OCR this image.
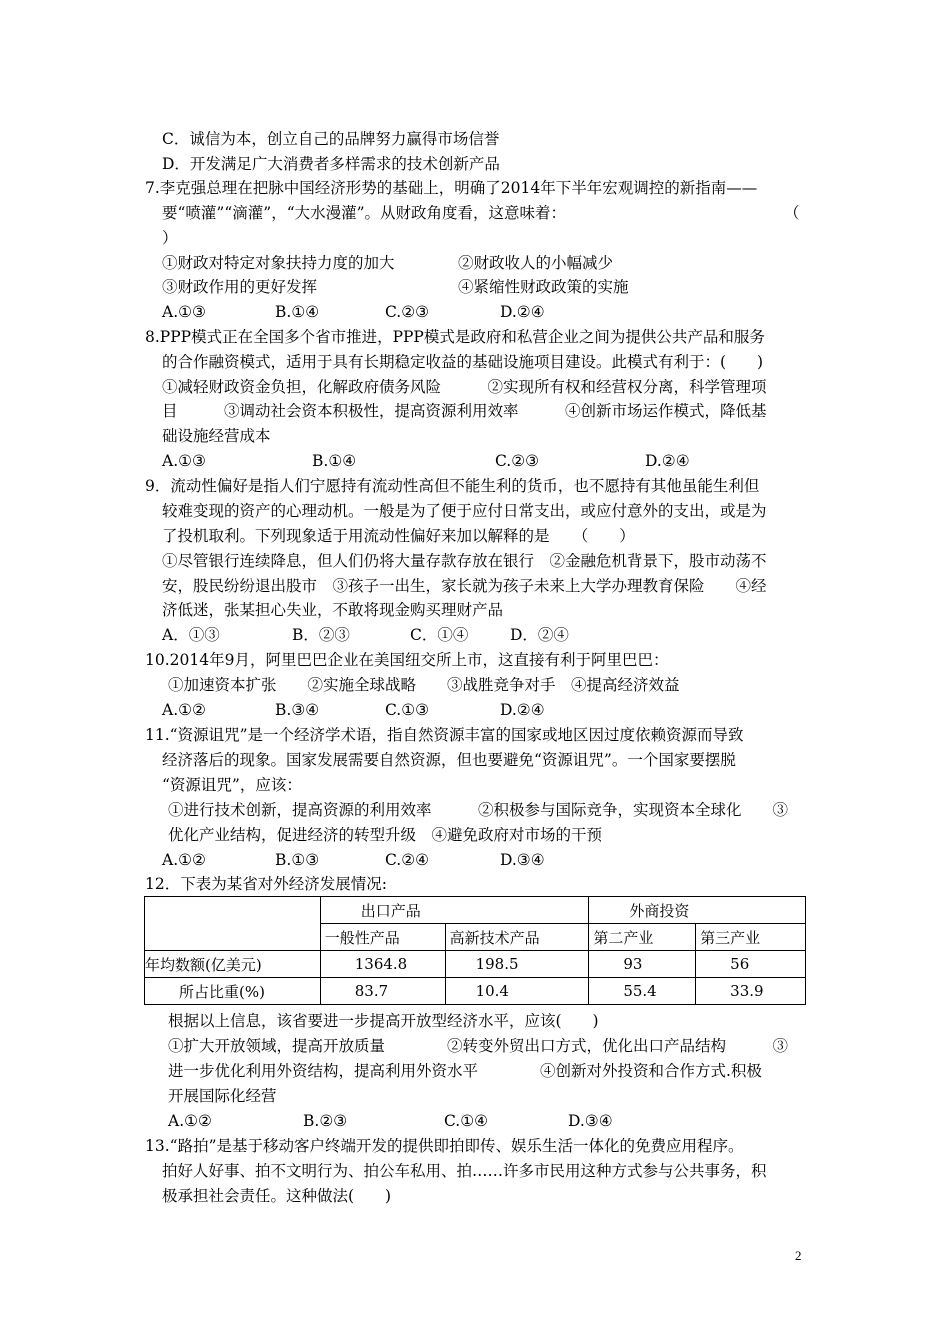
C．诚信为本，创立自己的品牌努力赢得市场信誉
D．开发满足广大消费者多样需求的技术创新产品
7.李克强总理在把脉中国经济形势的基础上，明确了2014年下半年宏观调控的新指南——
要“喷灌”“滴灌”，“大水漫灌”。从财政角度看，这意味着：	（
）
①财政对特定对象扶持力度的加大	②财政收人的小幅减少
③财政作用的更好发挥	④紧缩性财政政策的实施
A.①③	B.①④	C.②③	D.②④
8.PPP模式正在全国多个省市推进，PPP模式是政府和私营企业之间为提供公共产品和服务
的合作融资模式，适用于具有长期稳定收益的基础设施项目建设。此模式有利于：(　　)
①减轻财政资金负担，化解政府债务风险　　　②实现所有权和经营权分离，科学管理项
目　　　③调动社会资本积极性，提高资源利用效率　　　④创新市场运作模式，降低基
础设施经营成本
A.①③	B.①④	C.②③	D.②④
9．流动性偏好是指人们宁愿持有流动性高但不能生利的货币，也不愿持有其他虽能生利但
较难变现的资产的心理动机。一般是为了便于应付日常支出，或应付意外的支出，或是为
了投机取利。下列现象适于用流动性偏好来加以解释的是　　（　　）
①尽管银行连续降息，但人们仍将大量存款存放在银行　②金融危机背景下，股市动荡不
安，股民纷纷退出股市　③孩子一出生，家长就为孩子未来上大学办理教育保险　　④经
济低迷，张某担心失业，不敢将现金购买理财产品
A．①③	B．②③	C．①④	D．②④
10.2014年9月，阿里巴巴企业在美国纽交所上市，这直接有利于阿里巴巴：
①加速资本扩张　　②实施全球战略　　③战胜竞争对手　④提高经济效益
A.①②	B.③④	C.①③	D.②④
11.“资源诅咒”是一个经济学术语，指自然资源丰富的国家或地区因过度依赖资源而导致
经济落后的现象。国家发展需要自然资源，但也要避免“资源诅咒”。一个国家要摆脱
“资源诅咒”，应该：
①进行技术创新，提高资源的利用效率　　　②积极参与国际竞争，实现资本全球化　　③
优化产业结构，促进经济的转型升级　④避免政府对市场的干预
A.①②	B.①③	C.②④	D.③④
12．下表为某省对外经济发展情况:
	出口产品		外商投资	
	一般性产品	高新技术产品	第二产业	第三产业
年均数额(亿美元)	1364.8	198.5	93	56
所占比重(%)	83.7	10.4	55.4	33.9
根据以上信息，该省要进一步提高开放型经济水平，应该(　　)
①扩大开放领域，提高开放质量　　　　②转变外贸出口方式，优化出口产品结构　　　③
进一步优化利用外资结构，提高利用外资水平　　　　④创新对外投资和合作方式.积极
开展国际化经营
A.①②	B.②③	C.①④	D.③④
13.“路拍”是基于移动客户终端开发的提供即拍即传、娱乐生活一体化的免费应用程序。
拍好人好事、拍不文明行为、拍公车私用、拍……许多市民用这种方式参与公共事务，积
极承担社会责任。这种做法(　　)
2
